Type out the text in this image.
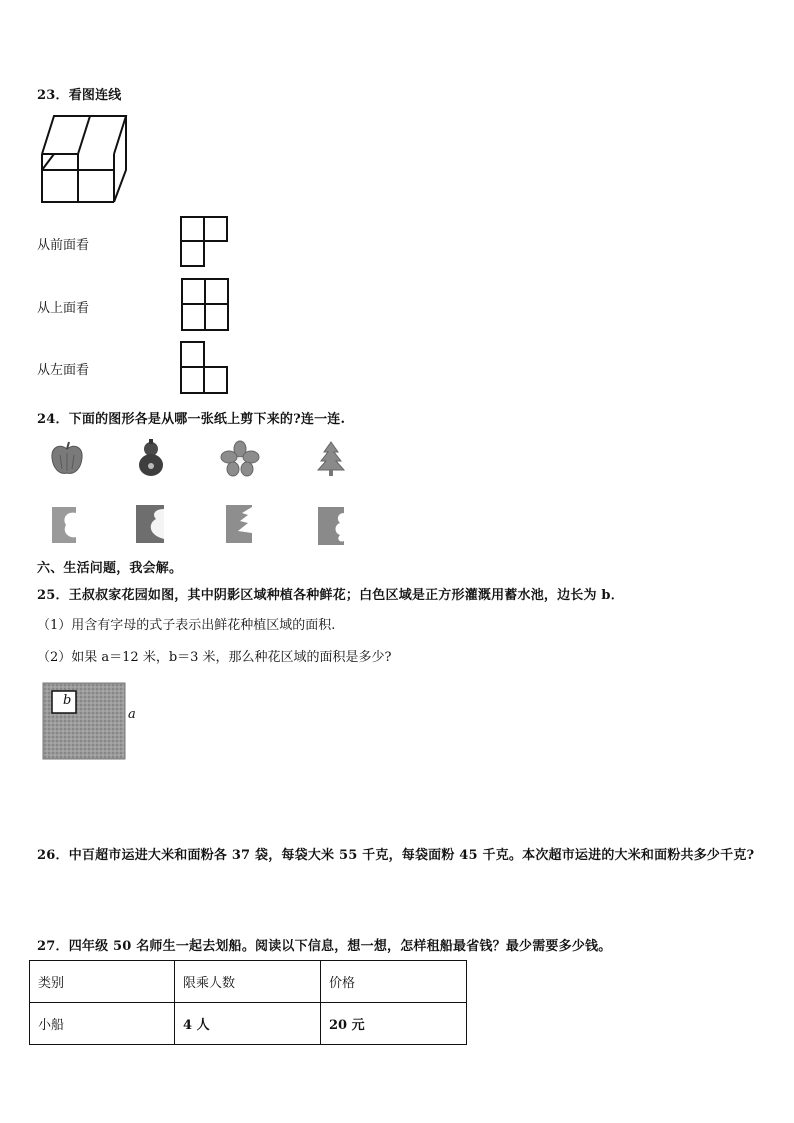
23．看图连线
从前面看
从上面看
从左面看
24．下面的图形各是从哪一张纸上剪下来的?连一连.
六、生活问题，我会解。
25．王叔叔家花园如图，其中阴影区域种植各种鲜花；白色区域是正方形灌溉用蓄水池，边长为 b．
（1）用含有字母的式子表示出鲜花种植区域的面积.
（2）如果 a＝12 米，b＝3 米，那么种花区域的面积是多少?
b
a
26．中百超市运进大米和面粉各 37 袋，每袋大米 55 千克，每袋面粉 45 千克。本次超市运进的大米和面粉共多少千克?
27．四年级 50 名师生一起去划船。阅读以下信息，想一想，怎样租船最省钱？最少需要多少钱。
类别	限乘人数	价格
小船	4 人	20 元
